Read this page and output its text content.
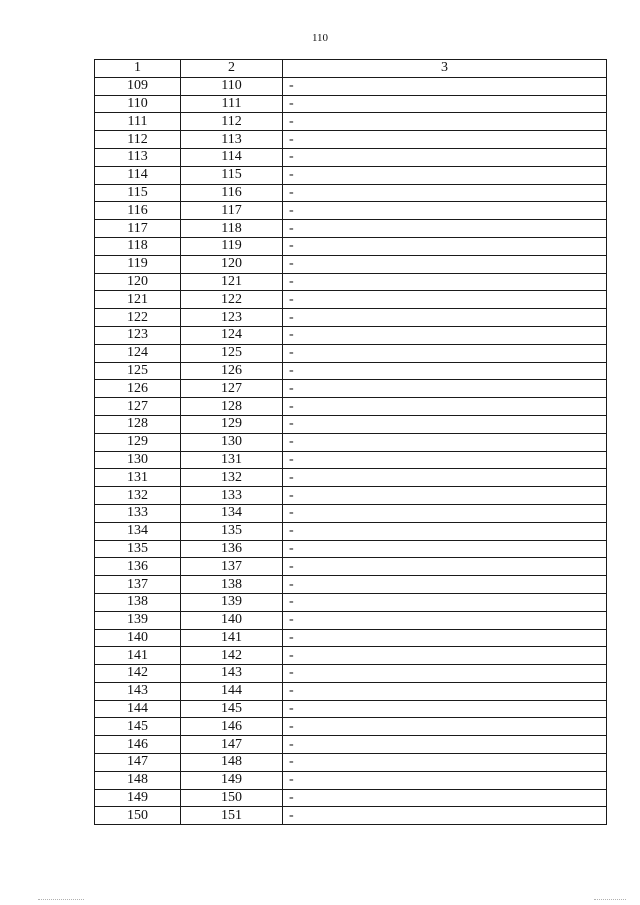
110
1	2	3
109	110	-
110	111	-
111	112	-
112	113	-
113	114	-
114	115	-
115	116	-
116	117	-
117	118	-
118	119	-
119	120	-
120	121	-
121	122	-
122	123	-
123	124	-
124	125	-
125	126	-
126	127	-
127	128	-
128	129	-
129	130	-
130	131	-
131	132	-
132	133	-
133	134	-
134	135	-
135	136	-
136	137	-
137	138	-
138	139	-
139	140	-
140	141	-
141	142	-
142	143	-
143	144	-
144	145	-
145	146	-
146	147	-
147	148	-
148	149	-
149	150	-
150	151	-
